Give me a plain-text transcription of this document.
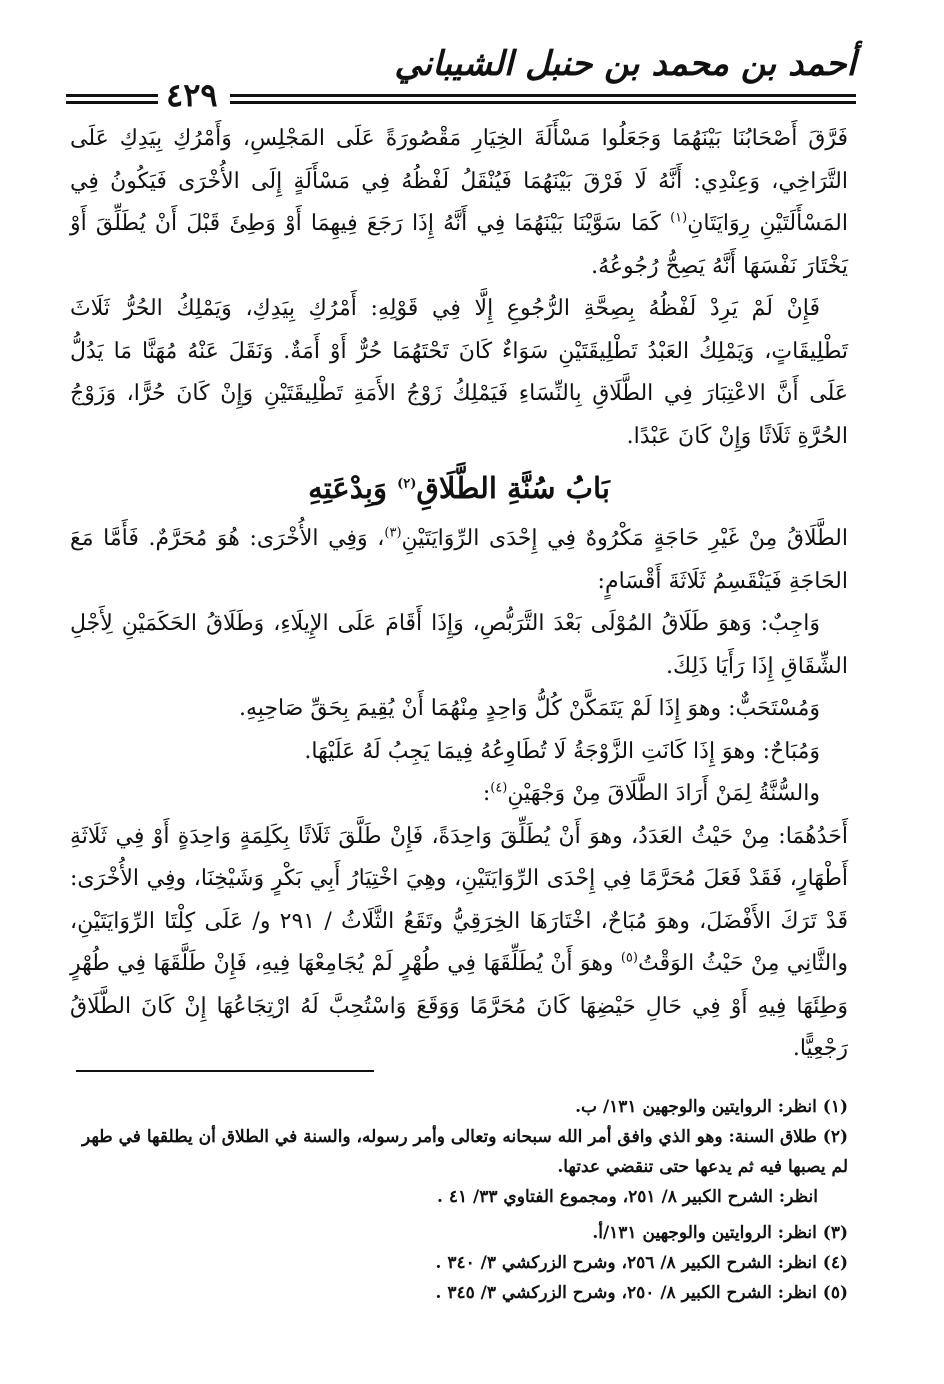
أحمد بن محمد بن حنبل الشيباني
٤٢٩

فَرَّقَ أَصْحَابُنَا بَيْنَهُمَا وَجَعَلُوا مَسْأَلَةَ الخِيَارِ مَقْصُورَةً عَلَى المَجْلِسِ، وَأَمْرُكِ بِيَدِكِ عَلَى التَّرَاخِي، وَعِنْدِي: أَنَّهُ لَا فَرْقَ بَيْنَهُمَا فَيُنْقَلُ لَفْظُهُ فِي مَسْأَلَةٍ إِلَى الأُخْرَى فَيَكُونُ فِي المَسْأَلَتَيْنِ رِوَايَتَانِ$^{(١)}$ كَمَا سَوَّيْنَا بَيْنَهُمَا فِي أَنَّهُ إِذَا رَجَعَ فِيهِمَا أَوْ وَطِئَ قَبْلَ أَنْ يُطَلِّقَ أَوْ يَخْتَارَ نَفْسَهَا أَنَّهُ يَصِحُّ رُجُوعُهُ.

فَإِنْ لَمْ يَرِدْ لَفْظُهُ بِصِحَّةِ الرُّجُوعِ إِلَّا فِي قَوْلِهِ: أَمْرُكِ بِيَدِكِ، وَيَمْلِكُ الحُرُّ ثَلَاثَ تَطْلِيقَاتٍ، وَيَمْلِكُ العَبْدُ تَطْلِيقَتَيْنِ سَوَاءٌ كَانَ تَحْتَهُمَا حُرٌّ أَوْ أَمَةٌ. وَنَقَلَ عَنْهُ مُهَنَّا مَا يَدُلُّ عَلَى أَنَّ الاعْتِبَارَ فِي الطَّلَاقِ بِالنِّسَاءِ فَيَمْلِكُ زَوْجُ الأَمَةِ تَطْلِيقَتَيْنِ وَإِنْ كَانَ حُرًّا، وَزَوْجُ الحُرَّةِ ثَلَاثًا وَإِنْ كَانَ عَبْدًا.

بَابُ سُنَّةِ الطَّلَاقِ$^{(٢)}$ وَبِدْعَتِهِ

الطَّلَاقُ مِنْ غَيْرِ حَاجَةٍ مَكْرُوهٌ فِي إِحْدَى الرِّوَايَتَيْنِ$^{(٣)}$، وَفِي الأُخْرَى: هُوَ مُحَرَّمٌ. فَأَمَّا مَعَ الحَاجَةِ فَيَنْقَسِمُ ثَلَاثَةَ أَقْسَامٍ:

وَاجِبٌ: وَهوَ طَلَاقُ المُوْلَى بَعْدَ التَّرَبُّصِ، وَإِذَا أَقَامَ عَلَى الإِيلَاءِ، وَطَلَاقُ الحَكَمَيْنِ لِأَجْلِ الشِّقَاقِ إِذَا رَأَيَا ذَلِكَ.

وَمُسْتَحَبٌّ: وهوَ إِذَا لَمْ يَتَمَكَّنْ كُلُّ وَاحِدٍ مِنْهُمَا أَنْ يُقِيمَ بِحَقِّ صَاحِبِهِ.

وَمُبَاحٌ: وهوَ إِذَا كَانَتِ الزَّوْجَةُ لَا تُطَاوِعُهُ فِيمَا يَجِبُ لَهُ عَلَيْهَا.

والسُّنَّةُ لِمَنْ أَرَادَ الطَّلَاقَ مِنْ وَجْهَيْنِ$^{(٤)}$:

أَحَدُهُمَا: مِنْ حَيْثُ العَدَدُ، وهوَ أَنْ يُطَلِّقَ وَاحِدَةً، فَإِنْ طَلَّقَ ثَلَاثًا بِكَلِمَةٍ وَاحِدَةٍ أَوْ فِي ثَلَاثَةِ أَطْهَارٍ، فَقَدْ فَعَلَ مُحَرَّمًا فِي إِحْدَى الرِّوَايَتَيْنِ، وهِيَ اخْتِيَارُ أَبِي بَكْرٍ وَشَيْخِنَا، وفِي الأُخْرَى: قَدْ تَرَكَ الأَفْضَلَ، وهوَ مُبَاحٌ، اخْتَارَهَا الخِرَقِيُّ وتَقَعُ الثَّلَاثُ / ٢٩١ و/ عَلَى كِلْتَا الرِّوَايَتَيْنِ، والثَّانِي مِنْ حَيْثُ الوَقْتُ$^{(٥)}$ وهوَ أَنْ يُطَلِّقَهَا فِي طُهْرٍ لَمْ يُجَامِعْهَا فِيهِ، فَإِنْ طَلَّقَهَا فِي طُهْرٍ وَطِئَهَا فِيهِ أَوْ فِي حَالِ حَيْضِهَا كَانَ مُحَرَّمًا وَوَقَعَ وَاسْتُحِبَّ لَهُ ارْتِجَاعُهَا إِنْ كَانَ الطَّلَاقُ رَجْعِيًّا.

(١) انظر: الروايتين والوجهين ١٣١/ ب.

(٢) طلاق السنة: وهو الذي وافق أمر الله سبحانه وتعالى وأمر رسوله، والسنة في الطلاق أن يطلقها في طهر لم يصبها فيه ثم يدعها حتى تنقضي عدتها.

انظر: الشرح الكبير ٨/ ٢٥١، ومجموع الفتاوي ٣٣/ ٤١ .

(٣) انظر: الروايتين والوجهين ١٣١/أ.

(٤) انظر: الشرح الكبير ٨/ ٢٥٦، وشرح الزركشي ٣/ ٣٤٠ .

(٥) انظر: الشرح الكبير ٨/ ٢٥٠، وشرح الزركشي ٣/ ٣٤٥ .
